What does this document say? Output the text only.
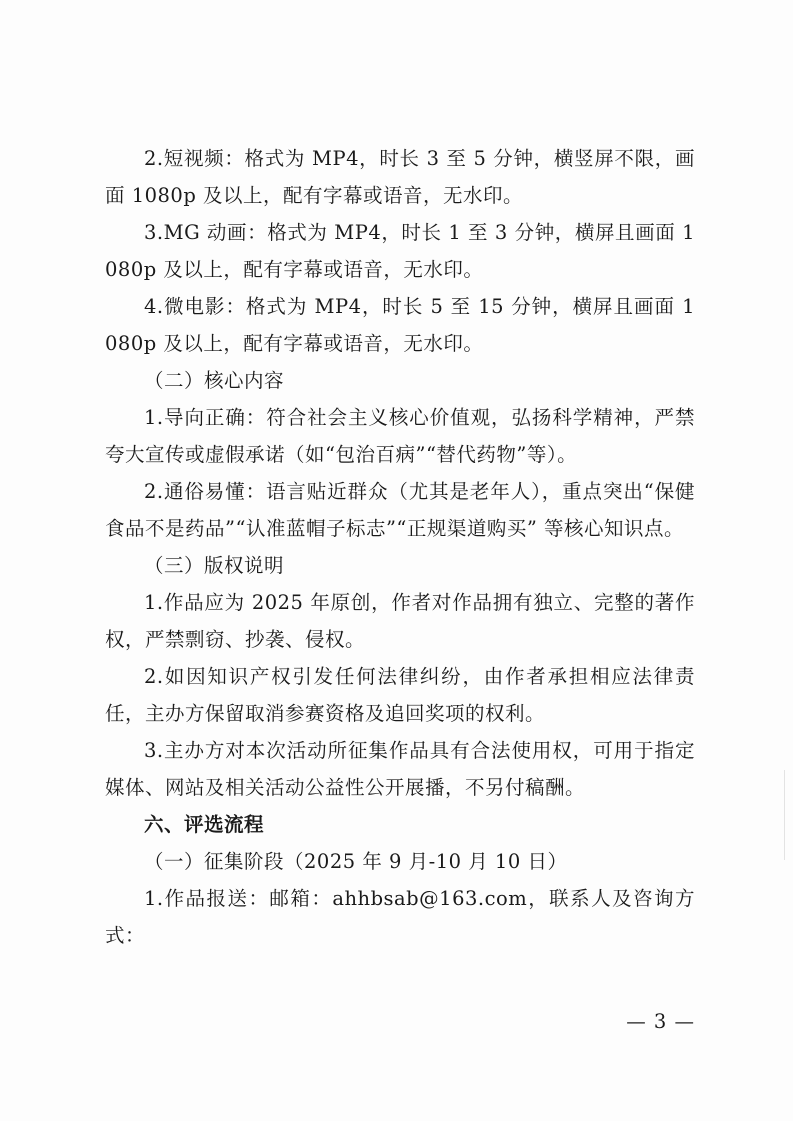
2.短视频：格式为 MP4，时长 3 至 5 分钟，横竖屏不限，画面 1080p 及以上，配有字幕或语音，无水印。

3.MG 动画：格式为 MP4，时长 1 至 3 分钟，横屏且画面 1080p 及以上，配有字幕或语音，无水印。

4.微电影：格式为 MP4，时长 5 至 15 分钟，横屏且画面 1080p 及以上，配有字幕或语音，无水印。

（二）核心内容

1.导向正确：符合社会主义核心价值观，弘扬科学精神，严禁夸大宣传或虚假承诺（如“包治百病”“替代药物”等）。

2.通俗易懂：语言贴近群众（尤其是老年人），重点突出“保健食品不是药品”“认准蓝帽子标志”“正规渠道购买” 等核心知识点。

（三）版权说明

1.作品应为 2025 年原创，作者对作品拥有独立、完整的著作权，严禁剽窃、抄袭、侵权。

2.如因知识产权引发任何法律纠纷，由作者承担相应法律责任，主办方保留取消参赛资格及追回奖项的权利。

3.主办方对本次活动所征集作品具有合法使用权，可用于指定媒体、网站及相关活动公益性公开展播，不另付稿酬。

六、评选流程

（一）征集阶段（2025 年 9 月-10 月 10 日）

1.作品报送：邮箱：ahhbsab@163.com，联系人及咨询方式：

— 3 —
